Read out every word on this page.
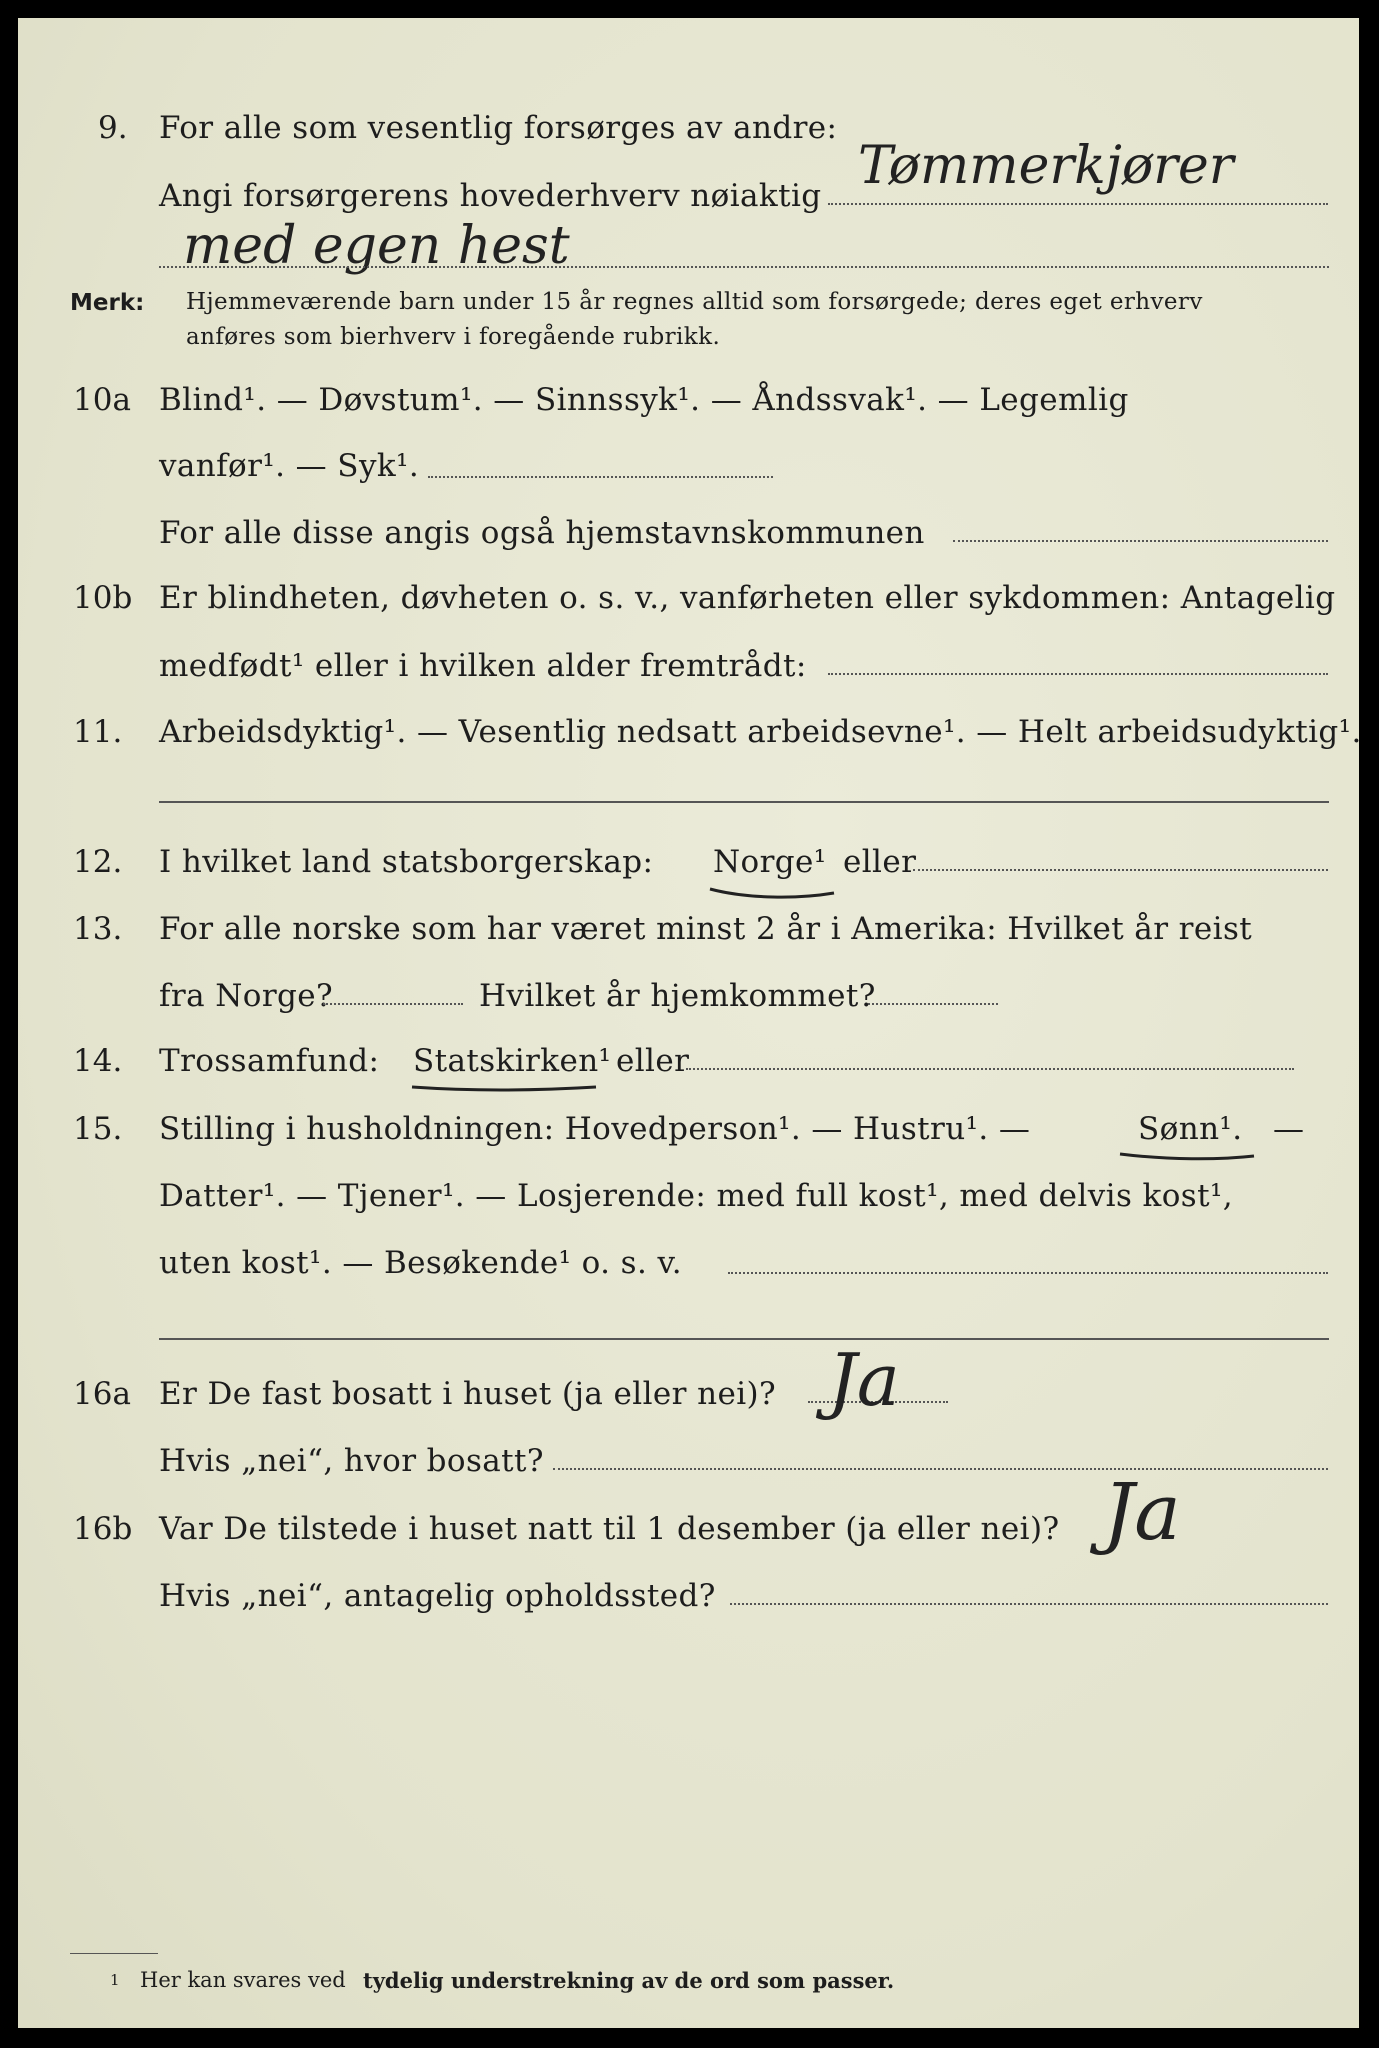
9. For alle som vesentlig forsørges av andre:
Angi forsørgerens hovederhverv nøiaktig Tømmerkjører
med egen hest
Merk: Hjemmeværende barn under 15 år regnes alltid som forsørgede; deres eget erhverv
anføres som bierhverv i foregående rubrikk.
10a Blind¹. — Døvstum¹. — Sinnssyk¹. — Åndssvak¹. — Legemlig
vanfør¹. — Syk¹.
For alle disse angis også hjemstavnskommunen
10b Er blindheten, døvheten o. s. v., vanførheten eller sykdommen: Antagelig
medfødt¹ eller i hvilken alder fremtrådt:
11. Arbeidsdyktig¹. — Vesentlig nedsatt arbeidsevne¹. — Helt arbeidsudyktig¹.
12. I hvilket land statsborgerskap: Norge¹ eller
13. For alle norske som har været minst 2 år i Amerika: Hvilket år reist
fra Norge?	Hvilket år hjemkommet?
14. Trossamfund: Statskirken¹ eller
15. Stilling i husholdningen: Hovedperson¹. — Hustru¹. —	Sønn¹. —
Datter¹. — Tjener¹. — Losjerende: med full kost¹, med delvis kost¹,
uten kost¹. — Besøkende¹ o. s. v.
16a Er De fast bosatt i huset (ja eller nei)? Ja
Hvis „nei“, hvor bosatt?
16b Var De tilstede i huset natt til 1 desember (ja eller nei)? Ja
Hvis „nei“, antagelig opholdssted?
1 Her kan svares ved tydelig understrekning av de ord som passer.
